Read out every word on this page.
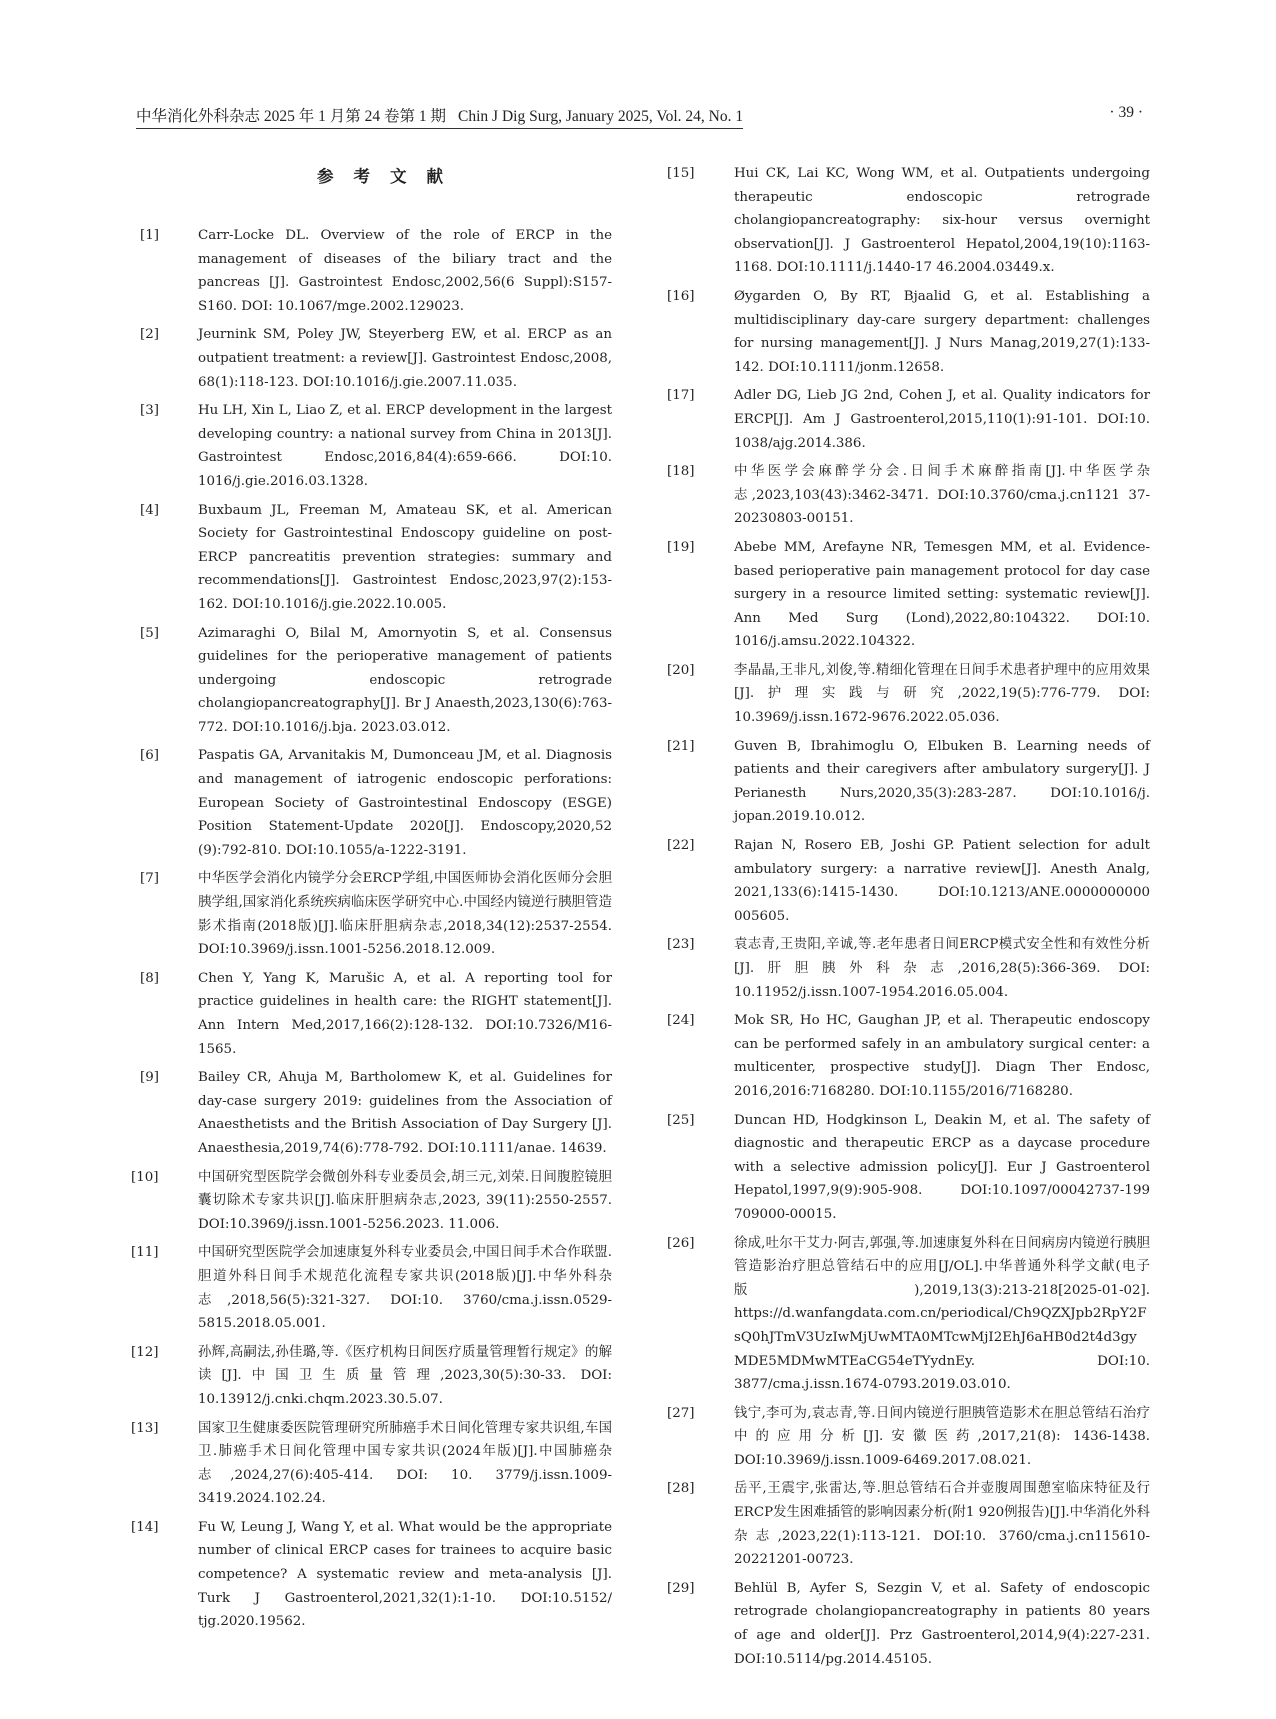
中华消化外科杂志 2025 年 1 月第 24 卷第 1 期 Chin J Dig Surg, January 2025, Vol. 24, No. 1	· 39 ·
参考文献
[1]	Carr-Locke DL. Overview of the role of ERCP in the management of diseases of the biliary tract and the pancreas [J]. Gastrointest Endosc,2002,56(6 Suppl):S157-S160. DOI: 10.1067/mge.2002.129023.
[2]	Jeurnink SM, Poley JW, Steyerberg EW, et al. ERCP as an outpatient treatment: a review[J]. Gastrointest Endosc,2008, 68(1):118-123. DOI:10.1016/j.gie.2007.11.035.
[3]	Hu LH, Xin L, Liao Z, et al. ERCP development in the largest developing country: a national survey from China in 2013[J]. Gastrointest Endosc,2016,84(4):659-666. DOI:10. 1016/j.gie.2016.03.1328.
[4]	Buxbaum JL, Freeman M, Amateau SK, et al. American Society for Gastrointestinal Endoscopy guideline on post-ERCP pancreatitis prevention strategies: summary and recommendations[J]. Gastrointest Endosc,2023,97(2):153-162. DOI:10.1016/j.gie.2022.10.005.
[5]	Azimaraghi O, Bilal M, Amornyotin S, et al. Consensus guidelines for the perioperative management of patients undergoing endoscopic retrograde cholangiopancreatography[J]. Br J Anaesth,2023,130(6):763-772. DOI:10.1016/j.bja. 2023.03.012.
[6]	Paspatis GA, Arvanitakis M, Dumonceau JM, et al. Diagnosis and management of iatrogenic endoscopic perforations: European Society of Gastrointestinal Endoscopy (ESGE) Position Statement-Update 2020[J]. Endoscopy,2020,52 (9):792-810. DOI:10.1055/a-1222-3191.
[7]	中华医学会消化内镜学分会ERCP学组,中国医师协会消化医师分会胆胰学组,国家消化系统疾病临床医学研究中心.中国经内镜逆行胰胆管造影术指南(2018版)[J].临床肝胆病杂志,2018,34(12):2537-2554. DOI:10.3969/j.issn.1001-5256.2018.12.009.
[8]	Chen Y, Yang K, Marušic A, et al. A reporting tool for practice guidelines in health care: the RIGHT statement[J]. Ann Intern Med,2017,166(2):128-132. DOI:10.7326/M16-1565.
[9]	Bailey CR, Ahuja M, Bartholomew K, et al. Guidelines for day-case surgery 2019: guidelines from the Association of Anaesthetists and the British Association of Day Surgery [J]. Anaesthesia,2019,74(6):778-792. DOI:10.1111/anae. 14639.
[10]	中国研究型医院学会微创外科专业委员会,胡三元,刘荣.日间腹腔镜胆囊切除术专家共识[J].临床肝胆病杂志,2023, 39(11):2550-2557. DOI:10.3969/j.issn.1001-5256.2023. 11.006.
[11]	中国研究型医院学会加速康复外科专业委员会,中国日间手术合作联盟.胆道外科日间手术规范化流程专家共识(2018版)[J].中华外科杂志,2018,56(5):321-327. DOI:10. 3760/cma.j.issn.0529-5815.2018.05.001.
[12]	孙辉,高嗣法,孙佳璐,等.《医疗机构日间医疗质量管理暂行规定》的解读[J].中国卫生质量管理,2023,30(5):30-33. DOI: 10.13912/j.cnki.chqm.2023.30.5.07.
[13]	国家卫生健康委医院管理研究所肺癌手术日间化管理专家共识组,车国卫.肺癌手术日间化管理中国专家共识(2024年版)[J].中国肺癌杂志,2024,27(6):405-414. DOI: 10. 3779/j.issn.1009-3419.2024.102.24.
[14]	Fu W, Leung J, Wang Y, et al. What would be the appropriate number of clinical ERCP cases for trainees to acquire basic competence? A systematic review and meta-analysis [J]. Turk J Gastroenterol,2021,32(1):1-10. DOI:10.5152/ tjg.2020.19562.
[15]	Hui CK, Lai KC, Wong WM, et al. Outpatients undergoing therapeutic endoscopic retrograde cholangiopancreatography: six-hour versus overnight observation[J]. J Gastroenterol Hepatol,2004,19(10):1163-1168. DOI:10.1111/j.1440-17 46.2004.03449.x.
[16]	Øygarden O, By RT, Bjaalid G, et al. Establishing a multidisciplinary day-care surgery department: challenges for nursing management[J]. J Nurs Manag,2019,27(1):133-142. DOI:10.1111/jonm.12658.
[17]	Adler DG, Lieb JG 2nd, Cohen J, et al. Quality indicators for ERCP[J]. Am J Gastroenterol,2015,110(1):91-101. DOI:10. 1038/ajg.2014.386.
[18]	中华医学会麻醉学分会.日间手术麻醉指南[J].中华医学杂志,2023,103(43):3462-3471. DOI:10.3760/cma.j.cn1121 37-20230803-00151.
[19]	Abebe MM, Arefayne NR, Temesgen MM, et al. Evidence-based perioperative pain management protocol for day case surgery in a resource limited setting: systematic review[J]. Ann Med Surg (Lond),2022,80:104322. DOI:10. 1016/j.amsu.2022.104322.
[20]	李晶晶,王非凡,刘俊,等.精细化管理在日间手术患者护理中的应用效果[J].护理实践与研究,2022,19(5):776-779. DOI: 10.3969/j.issn.1672-9676.2022.05.036.
[21]	Guven B, Ibrahimoglu O, Elbuken B. Learning needs of patients and their caregivers after ambulatory surgery[J]. J Perianesth Nurs,2020,35(3):283-287. DOI:10.1016/j. jopan.2019.10.012.
[22]	Rajan N, Rosero EB, Joshi GP. Patient selection for adult ambulatory surgery: a narrative review[J]. Anesth Analg, 2021,133(6):1415-1430. DOI:10.1213/ANE.0000000000 005605.
[23]	袁志青,王贵阳,辛诚,等.老年患者日间ERCP模式安全性和有效性分析[J].肝胆胰外科杂志,2016,28(5):366-369. DOI: 10.11952/j.issn.1007-1954.2016.05.004.
[24]	Mok SR, Ho HC, Gaughan JP, et al. Therapeutic endoscopy can be performed safely in an ambulatory surgical center: a multicenter, prospective study[J]. Diagn Ther Endosc, 2016,2016:7168280. DOI:10.1155/2016/7168280.
[25]	Duncan HD, Hodgkinson L, Deakin M, et al. The safety of diagnostic and therapeutic ERCP as a daycase procedure with a selective admission policy[J]. Eur J Gastroenterol Hepatol,1997,9(9):905-908. DOI:10.1097/00042737-199 709000-00015.
[26]	徐成,吐尔干艾力·阿吉,郭强,等.加速康复外科在日间病房内镜逆行胰胆管造影治疗胆总管结石中的应用[J/OL].中华普通外科学文献(电子版),2019,13(3):213-218[2025-01-02]. https://d.wanfangdata.com.cn/periodical/Ch9QZXJpb2RpY2FsQ0hJTmV3UzIwMjUwMTA0MTcwMjI2EhJ6aHB0d2t4d3gyMDE5MDMwMTEaCG54eTYydnEy. DOI:10. 3877/cma.j.issn.1674-0793.2019.03.010.
[27]	钱宁,李可为,袁志青,等.日间内镜逆行胆胰管造影术在胆总管结石治疗中的应用分析[J].安徽医药,2017,21(8): 1436-1438. DOI:10.3969/j.issn.1009-6469.2017.08.021.
[28]	岳平,王震宇,张雷达,等.胆总管结石合并壶腹周围憩室临床特征及行ERCP发生困难插管的影响因素分析(附1 920例报告)[J].中华消化外科杂志,2023,22(1):113-121. DOI:10. 3760/cma.j.cn115610-20221201-00723.
[29]	Behlül B, Ayfer S, Sezgin V, et al. Safety of endoscopic retrograde cholangiopancreatography in patients 80 years of age and older[J]. Prz Gastroenterol,2014,9(4):227-231. DOI:10.5114/pg.2014.45105.
